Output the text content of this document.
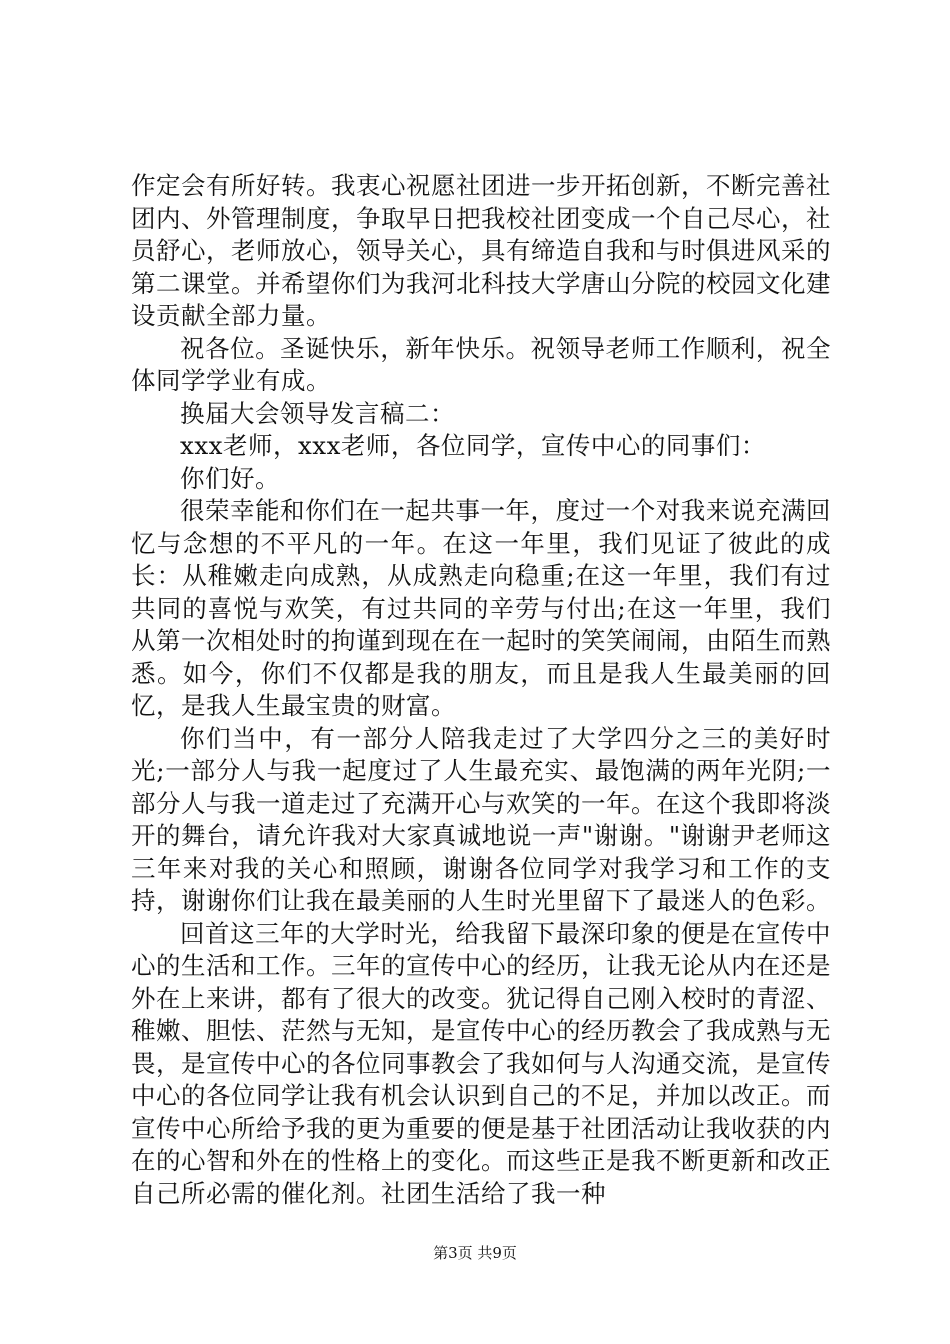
作定会有所好转。我衷心祝愿社团进一步开拓创新，不断完善社团内、外管理制度，争取早日把我校社团变成一个自己尽心，社员舒心，老师放心，领导关心，具有缔造自我和与时俱进风采的第二课堂。并希望你们为我河北科技大学唐山分院的校园文化建设贡献全部力量。

祝各位。圣诞快乐，新年快乐。祝领导老师工作顺利，祝全体同学学业有成。

换届大会领导发言稿二：

xxx老师，xxx老师，各位同学，宣传中心的同事们：

你们好。

很荣幸能和你们在一起共事一年，度过一个对我来说充满回忆与念想的不平凡的一年。在这一年里，我们见证了彼此的成长：从稚嫩走向成熟，从成熟走向稳重;在这一年里，我们有过共同的喜悦与欢笑，有过共同的辛劳与付出;在这一年里，我们从第一次相处时的拘谨到现在在一起时的笑笑闹闹，由陌生而熟悉。如今，你们不仅都是我的朋友，而且是我人生最美丽的回忆，是我人生最宝贵的财富。

你们当中，有一部分人陪我走过了大学四分之三的美好时光;一部分人与我一起度过了人生最充实、最饱满的两年光阴;一部分人与我一道走过了充满开心与欢笑的一年。在这个我即将淡开的舞台，请允许我对大家真诚地说一声"谢谢。"谢谢尹老师这三年来对我的关心和照顾，谢谢各位同学对我学习和工作的支持，谢谢你们让我在最美丽的人生时光里留下了最迷人的色彩。

回首这三年的大学时光，给我留下最深印象的便是在宣传中心的生活和工作。三年的宣传中心的经历，让我无论从内在还是外在上来讲，都有了很大的改变。犹记得自己刚入校时的青涩、稚嫩、胆怯、茫然与无知，是宣传中心的经历教会了我成熟与无畏，是宣传中心的各位同事教会了我如何与人沟通交流，是宣传中心的各位同学让我有机会认识到自己的不足，并加以改正。而宣传中心所给予我的更为重要的便是基于社团活动让我收获的内在的心智和外在的性格上的变化。而这些正是我不断更新和改正自己所必需的催化剂。社团生活给了我一种

第3页 共9页
